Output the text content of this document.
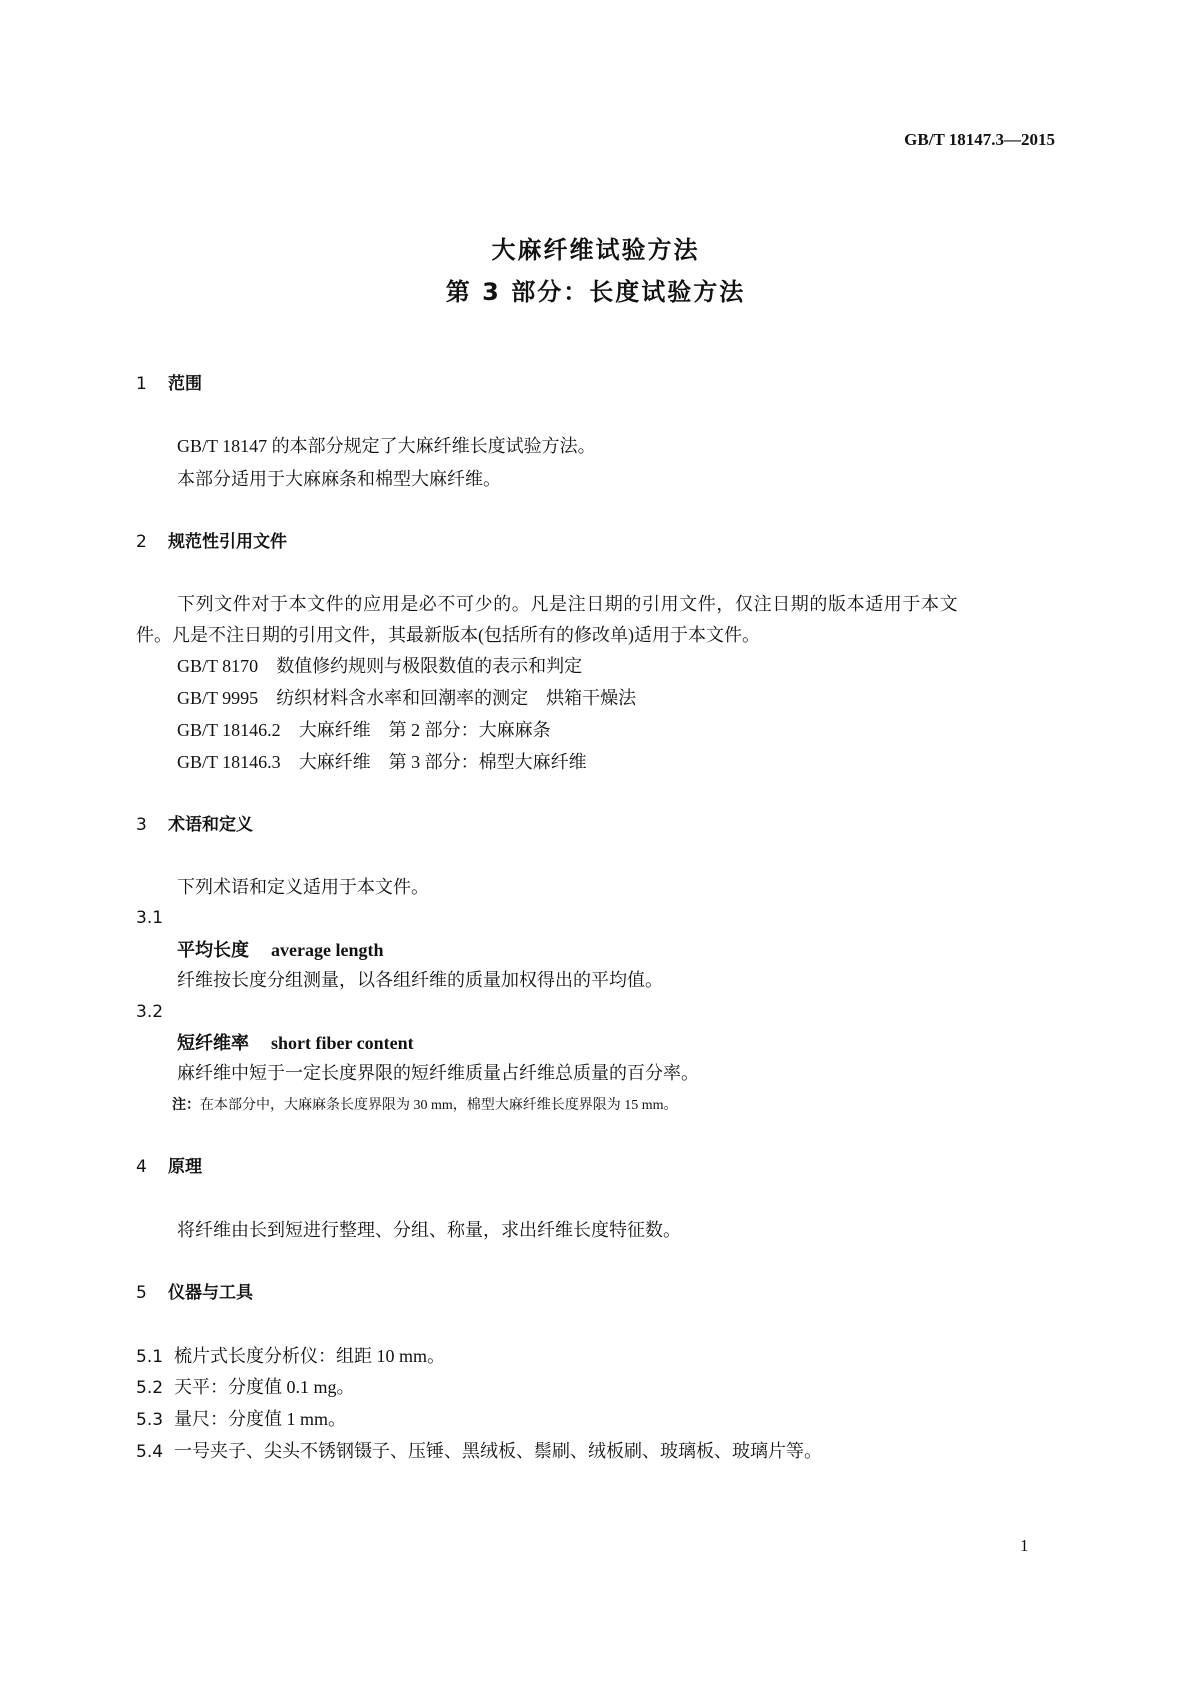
GB/T 18147.3—2015
大麻纤维试验方法
第 3 部分：长度试验方法
1 范围
GB/T 18147 的本部分规定了大麻纤维长度试验方法。
本部分适用于大麻麻条和棉型大麻纤维。
2 规范性引用文件
下列文件对于本文件的应用是必不可少的。凡是注日期的引用文件，仅注日期的版本适用于本文
件。凡是不注日期的引用文件，其最新版本(包括所有的修改单)适用于本文件。
GB/T 8170 数值修约规则与极限数值的表示和判定
GB/T 9995 纺织材料含水率和回潮率的测定　烘箱干燥法
GB/T 18146.2 大麻纤维　第 2 部分：大麻麻条
GB/T 18146.3 大麻纤维　第 3 部分：棉型大麻纤维
3 术语和定义
下列术语和定义适用于本文件。
3.1
平均长度 average length
纤维按长度分组测量，以各组纤维的质量加权得出的平均值。
3.2
短纤维率 short fiber content
麻纤维中短于一定长度界限的短纤维质量占纤维总质量的百分率。
注：在本部分中，大麻麻条长度界限为 30 mm，棉型大麻纤维长度界限为 15 mm。
4 原理
将纤维由长到短进行整理、分组、称量，求出纤维长度特征数。
5 仪器与工具
5.1 梳片式长度分析仪：组距 10 mm。
5.2 天平：分度值 0.1 mg。
5.3 量尺：分度值 1 mm。
5.4 一号夹子、尖头不锈钢镊子、压锤、黑绒板、鬃刷、绒板刷、玻璃板、玻璃片等。
1
